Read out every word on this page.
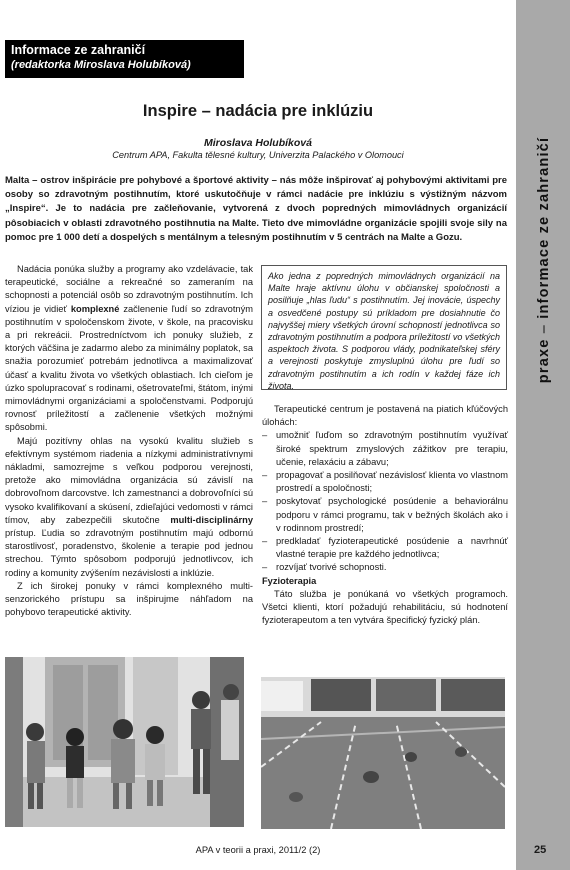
praxe – informace ze zahraničí
Informace ze zahraničí
(redaktorka Miroslava Holubíková)
Inspire – nadácia pre inklúziu
Miroslava Holubíková
Centrum APA, Fakulta tělesné kultury, Univerzita Palackého v Olomouci

Malta – ostrov inšpirácie pre pohybové a športové aktivity – nás môže inšpirovať aj pohybovými aktivitami pre osoby so zdravotným postihnutím, ktoré uskutočňuje v rámci nadácie pre inklúziu s výstižným názvom „Inspire“. Je to nadácia pre začleňovanie, vytvorená z dvoch popredných mimovládnych organizácií pôsobiacich v oblasti zdravotného postihnutia na Malte. Tieto dve mimovládne organizácie spojili svoje sily na pomoc pre 1 000 detí a dospelých s mentálnym a telesným postihnutím v 5 centrách na Malte a Gozu.

Nadácia ponúka služby a programy ako vzdelávacie, tak terapeutické, sociálne a rekreačné so zameraním na schopnosti a potenciál osôb so zdravotným postihnutím. Ich víziou je vidieť komplexné začlenenie ľudí so zdravotným postihnutím v spoločenskom živote, v škole, na pracovisku a pri rekreácii. Prostredníctvom ich ponuky služieb, z ktorých väčšina je zadarmo alebo za minimálny poplatok, sa snažia porozumieť potrebám jednotlivca a maximalizovať účasť a kvalitu života vo všetkých oblastiach. Ich cieľom je úzko spolupracovať s rodinami, ošetrovateľmi, štátom, inými mimovládnymi organizáciami a spoločenstvami. Podporujú rovnosť príležitostí a začlenenie všetkých možnými spôsobmi.

Majú pozitívny ohlas na vysokú kvalitu služieb s efektívnym systémom riadenia a nízkymi administratívnymi nákladmi, samozrejme s veľkou podporou verejnosti, pretože ako mimovládna organizácia sú závislí na dobrovoľnom darcovstve. Ich zamestnanci a dobrovoľníci sú vysoko kvalifikovaní a skúsení, zdieľajúci vedomosti v rámci tímov, aby zabezpečili skutočne multi-disciplinárny prístup. Ľudia so zdravotným postihnutím majú odbornú starostlivosť, poradenstvo, školenie a terapie pod jednou strechou. Týmto spôsobom podporujú jednotlivcov, ich rodiny a komunity zvýšením nezávislosti a inklúzie.

Z ich širokej ponuky v rámci komplexného multi-senzorického prístupu sa inšpirujme náhľadom na pohybovo terapeutické aktivity.

Ako jedna z popredných mimovládnych organizácií na Malte hraje aktívnu úlohu v občianskej spoločnosti a posilňuje „hlas ľudu“ s postihnutím. Jej inovácie, úspechy a osvedčené postupy sú príkladom pre dosiahnutie čo najvyššej miery všetkých úrovní schopností jednotlivca so zdravotným postihnutím a podpora príležitostí vo všetkých aspektoch života. S podporou vlády, podnikateľskej sféry a verejnosti poskytuje zmysluplnú úlohu pre ľudí so zdravotným postihnutím a ich rodín v každej fáze ich života.

Terapeutické centrum je postavená na piatich kľúčových úlohách:

– umožniť ľuďom so zdravotným postihnutím využívať široké spektrum zmyslových zážitkov pre terapiu, učenie, relaxáciu a zábavu;
– propagovať a posilňovať nezávislosť klienta vo vlastnom prostredí a spoločnosti;
– poskytovať psychologické posúdenie a behaviorálnu podporu v rámci programu, tak v bežných školách ako i v rodinnom prostredí;
– predkladať fyzioterapeutické posúdenie a navrhnúť vlastné terapie pre každého jednotlivca;
– rozvíjať tvorivé schopnosti.

Fyzioterapia

Táto služba je ponúkaná vo všetkých programoch. Všetci klienti, ktorí požadujú rehabilitáciu, sú hodnotení fyzioterapeutom a ten vytvára špecifický fyzický plán.

APA v teorii a praxi, 2011/2 (2)	25
